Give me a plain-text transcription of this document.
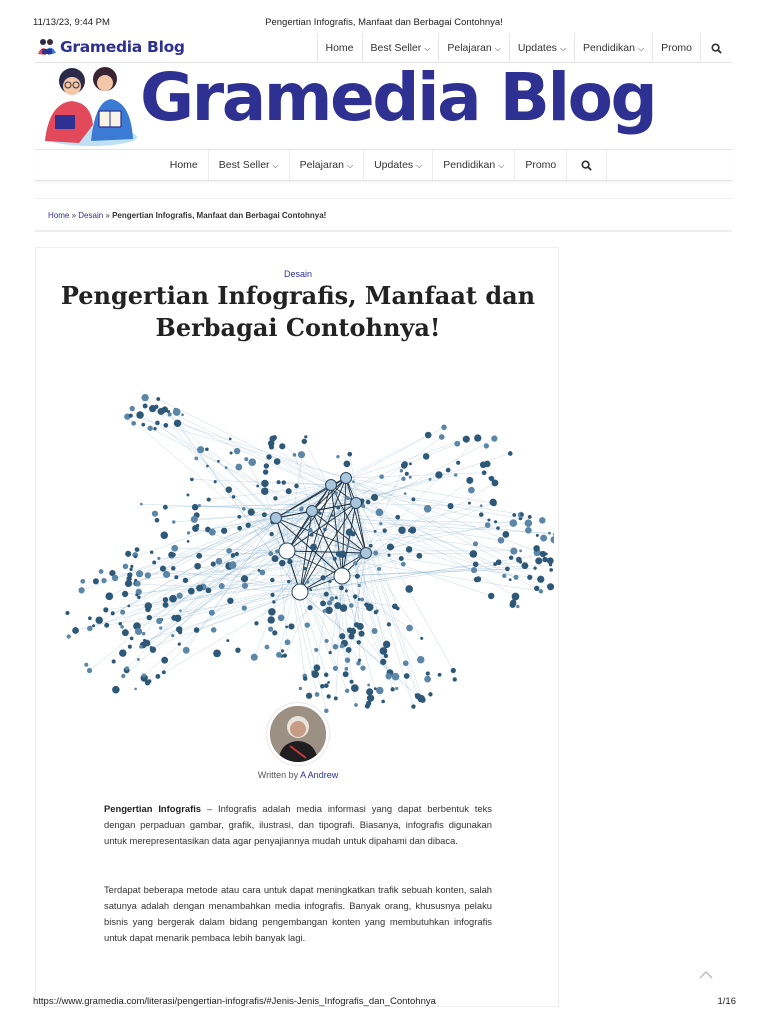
11/13/23, 9:44 PM	Pengertian Infografis, Manfaat dan Berbagai Contohnya!
Gramedia Blog	Home	Best Seller ⌵	Pelajaran ⌵	Updates ⌵	Pendidikan ⌵	Promo
Gramedia Blog
Home	Best Seller ⌵	Pelajaran ⌵	Updates ⌵	Pendidikan ⌵	Promo
Home » Desain » Pengertian Infografis, Manfaat dan Berbagai Contohnya!
Desain
Pengertian Infografis, Manfaat dan Berbagai Contohnya!
Written by A Andrew

Pengertian Infografis – Infografis adalah media informasi yang dapat berbentuk teks dengan perpaduan gambar, grafik, ilustrasi, dan tipografi. Biasanya, infografis digunakan untuk merepresentasikan data agar penyajiannya mudah untuk dipahami dan dibaca.

Terdapat beberapa metode atau cara untuk dapat meningkatkan trafik sebuah konten, salah satunya adalah dengan menambahkan media infografis. Banyak orang, khususnya pelaku bisnis yang bergerak dalam bidang pengembangan konten yang membutuhkan infografis untuk dapat menarik pembaca lebih banyak lagi.

https://www.gramedia.com/literasi/pengertian-infografis/#Jenis-Jenis_Infografis_dan_Contohnya	1/16
